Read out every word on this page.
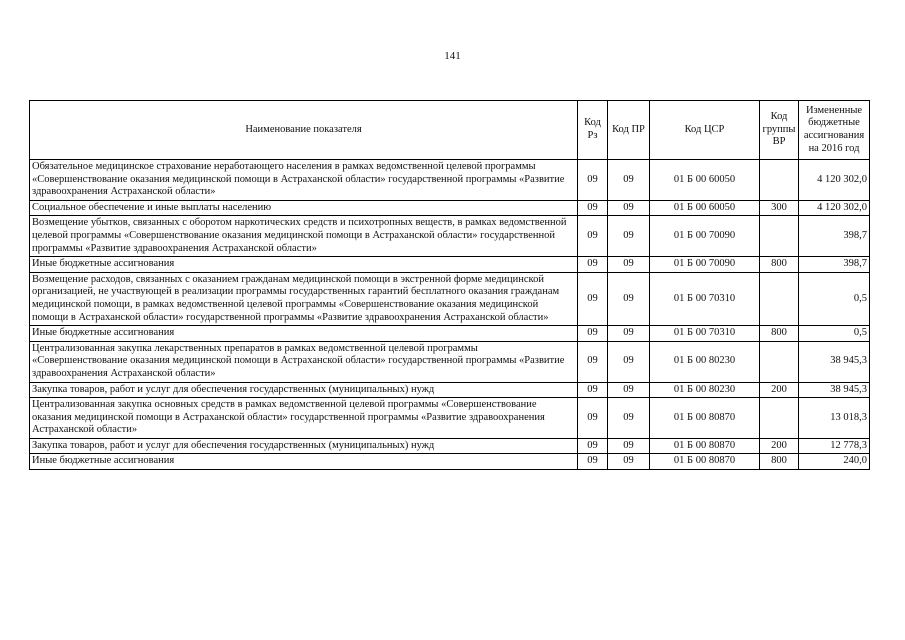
141
Наименование показателя	Код Рз	Код ПР	Код ЦСР	Код группы ВР	Измененные бюджетные ассигнования на 2016 год
Обязательное медицинское страхование неработающего населения в рамках ведомственной целевой программы «Совершенствование оказания медицинской помощи в Астраханской области» государственной программы «Развитие здравоохранения Астраханской области»	09	09	01 Б 00 60050		4 120 302,0
Социальное обеспечение и иные выплаты населению	09	09	01 Б 00 60050	300	4 120 302,0
Возмещение убытков, связанных с оборотом наркотических средств и психотропных веществ, в рамках ведомственной целевой программы «Совершенствование оказания медицинской помощи в Астраханской области» государственной программы «Развитие здравоохранения Астраханской области»	09	09	01 Б 00 70090		398,7
Иные бюджетные ассигнования	09	09	01 Б 00 70090	800	398,7
Возмещение расходов, связанных с оказанием гражданам медицинской помощи в экстренной форме медицинской организацией, не участвующей в реализации программы государственных гарантий бесплатного оказания гражданам медицинской помощи, в рамках ведомственной целевой программы «Совершенствование оказания медицинской помощи в Астраханской области» государственной программы «Развитие здравоохранения Астраханской области»	09	09	01 Б 00 70310		0,5
Иные бюджетные ассигнования	09	09	01 Б 00 70310	800	0,5
Централизованная закупка лекарственных препаратов в рамках ведомственной целевой программы «Совершенствование оказания медицинской помощи в Астраханской области» государственной программы «Развитие здравоохранения Астраханской области»	09	09	01 Б 00 80230		38 945,3
Закупка товаров, работ и услуг для обеспечения государственных (муниципальных) нужд	09	09	01 Б 00 80230	200	38 945,3
Централизованная закупка основных средств в рамках ведомственной целевой программы «Совершенствование оказания медицинской помощи в Астраханской области» государственной программы «Развитие здравоохранения Астраханской области»	09	09	01 Б 00 80870		13 018,3
Закупка товаров, работ и услуг для обеспечения государственных (муниципальных) нужд	09	09	01 Б 00 80870	200	12 778,3
Иные бюджетные ассигнования	09	09	01 Б 00 80870	800	240,0
